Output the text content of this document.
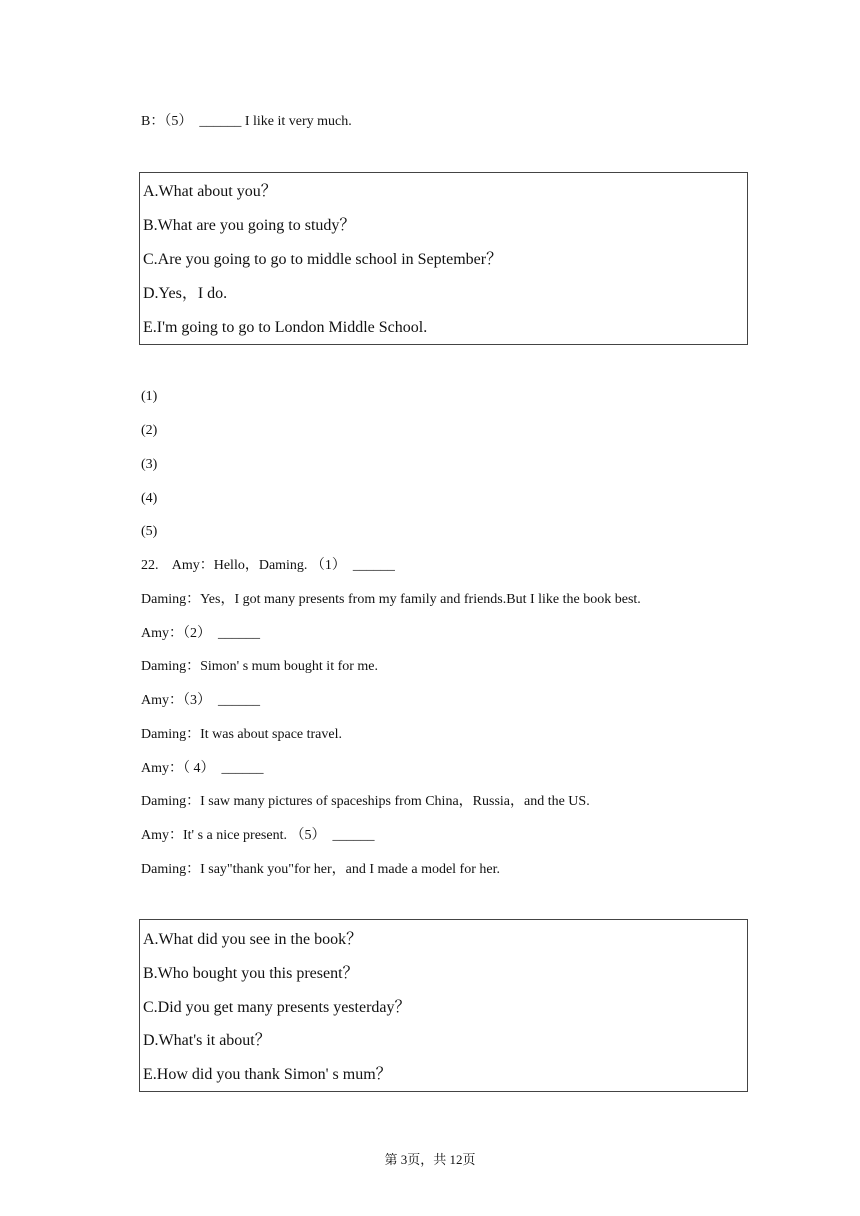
B：（5）  ______ I like it very much.
A.What about you？
B.What are you going to study？
C.Are you going to go to middle school in September？
D.Yes，I do.
E.I'm going to go to London Middle School.
(1)
(2)
(3)
(4)
(5)
22.    Amy：Hello，Daming. （1）  ______
Daming：Yes，I got many presents from my family and friends.But I like the book best.
Amy：（2）  ______
Daming：Simon' s mum bought it for me.
Amy：（3）  ______
Daming：It was about space travel.
Amy：（ 4）  ______
Daming：I saw many pictures of spaceships from China，Russia，and the US.
Amy：It' s a nice present. （5）  ______
Daming：I say"thank you"for her，and I made a model for her.
A.What did you see in the book？
B.Who bought you this present？
C.Did you get many presents yesterday？
D.What's it about？
E.How did you thank Simon' s mum？
第 3页，共 12页
